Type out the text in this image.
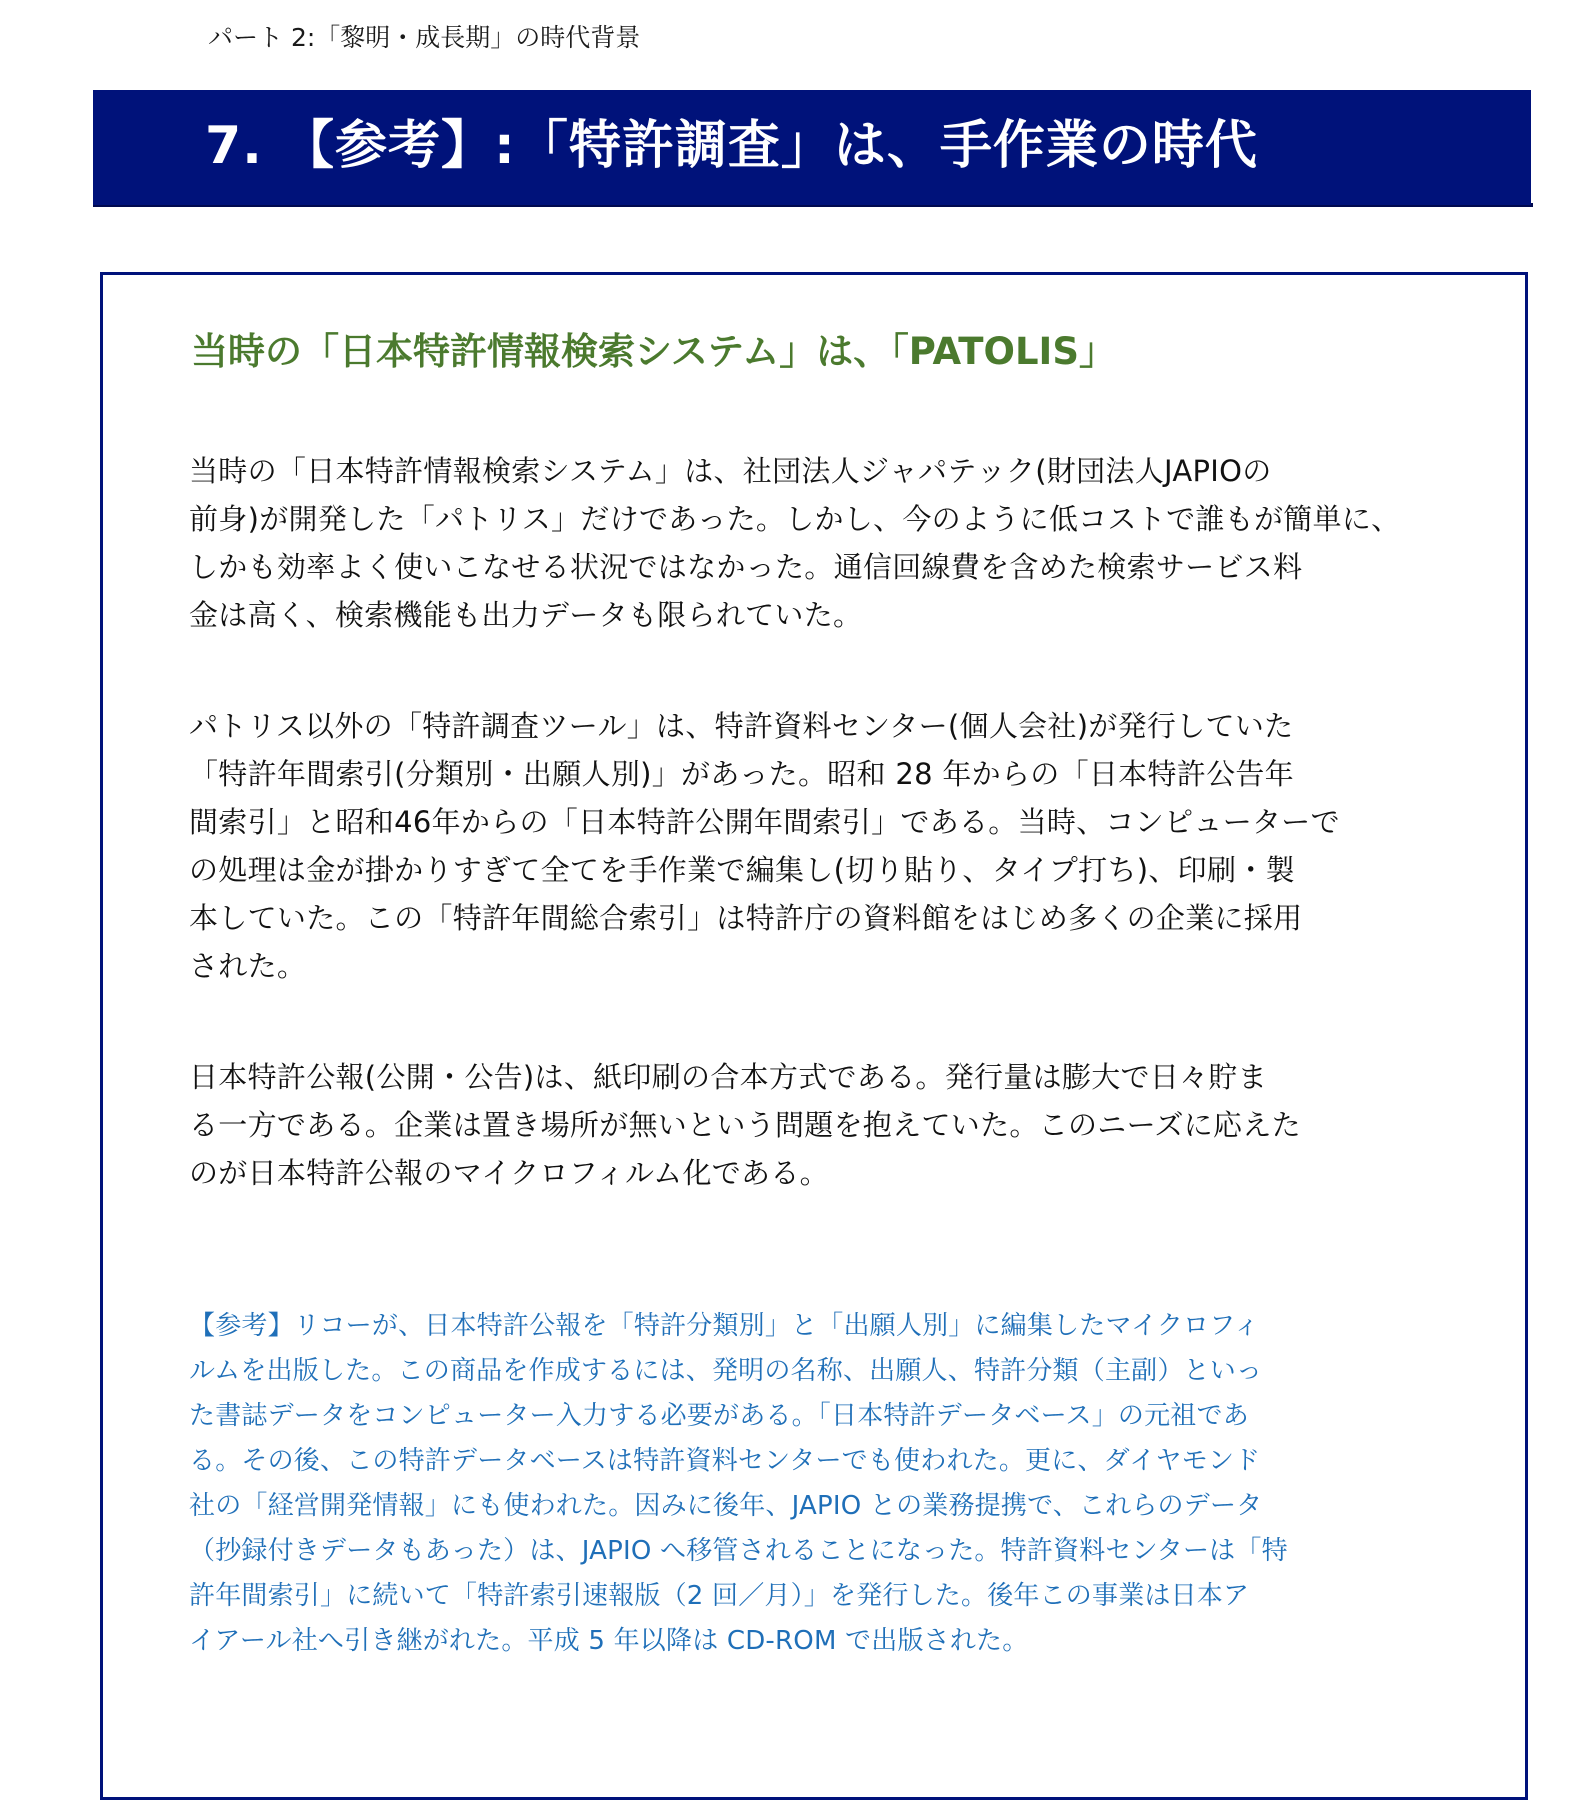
パート 2:「黎明・成長期」の時代背景
7. 【参考】:「特許調査」は、手作業の時代
当時の「日本特許情報検索システム」は、「PATOLIS」
当時の「日本特許情報検索システム」は、社団法人ジャパテック(財団法人JAPIOの
前身)が開発した「パトリス」だけであった。しかし、今のように低コストで誰もが簡単に、
しかも効率よく使いこなせる状況ではなかった。通信回線費を含めた検索サービス料
金は高く、検索機能も出力データも限られていた。
パトリス以外の「特許調査ツール」は、特許資料センター(個人会社)が発行していた
「特許年間索引(分類別・出願人別)」があった。昭和 28 年からの「日本特許公告年
間索引」と昭和46年からの「日本特許公開年間索引」である。当時、コンピューターで
の処理は金が掛かりすぎて全てを手作業で編集し(切り貼り、タイプ打ち)、印刷・製
本していた。この「特許年間総合索引」は特許庁の資料館をはじめ多くの企業に採用
された。
日本特許公報(公開・公告)は、紙印刷の合本方式である。発行量は膨大で日々貯ま
る一方である。企業は置き場所が無いという問題を抱えていた。このニーズに応えた
のが日本特許公報のマイクロフィルム化である。
【参考】リコーが、日本特許公報を「特許分類別」と「出願人別」に編集したマイクロフィ
ルムを出版した。この商品を作成するには、発明の名称、出願人、特許分類（主副）といっ
た書誌データをコンピューター入力する必要がある。「日本特許データベース」の元祖であ
る。その後、この特許データベースは特許資料センターでも使われた。更に、ダイヤモンド
社の「経営開発情報」にも使われた。因みに後年、JAPIO との業務提携で、これらのデータ
（抄録付きデータもあった）は、JAPIO へ移管されることになった。特許資料センターは「特
許年間索引」に続いて「特許索引速報版（2 回／月）」を発行した。後年この事業は日本ア
イアール社へ引き継がれた。平成 5 年以降は CD-ROM で出版された。
